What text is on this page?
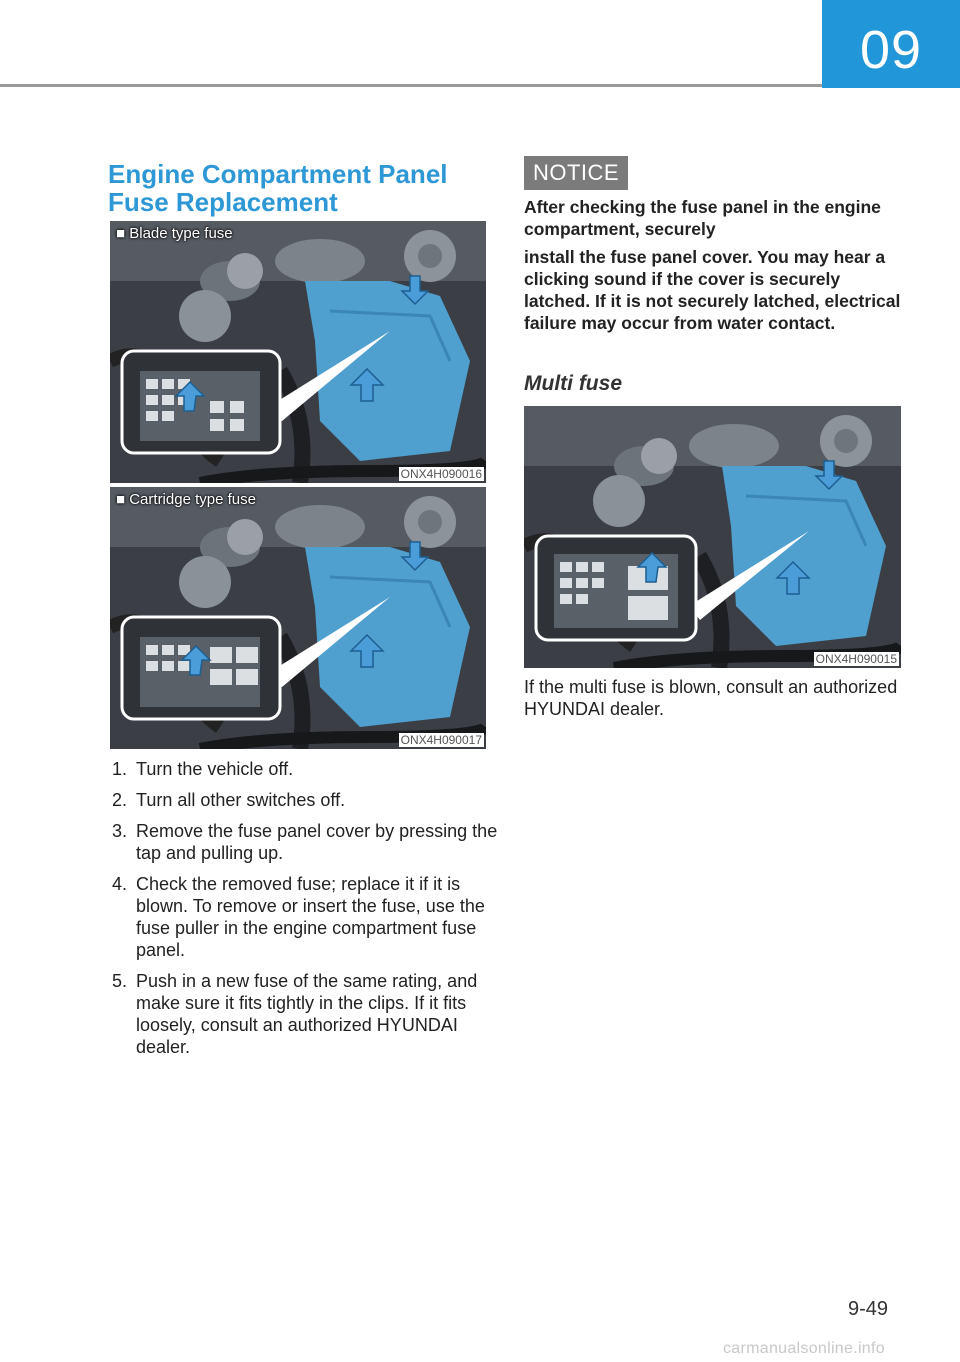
09
Engine Compartment Panel Fuse Replacement
■ Blade type fuse
ONX4H090016
■ Cartridge type fuse
ONX4H090017
1. Turn the vehicle off.
2. Turn all other switches off.
3. Remove the fuse panel cover by pressing the tap and pulling up.
4. Check the removed fuse; replace it if it is blown. To remove or insert the fuse, use the fuse puller in the engine compartment fuse panel.
5. Push in a new fuse of the same rating, and make sure it fits tightly in the clips. If it fits loosely, consult an authorized HYUNDAI dealer.
NOTICE

After checking the fuse panel in the engine compartment, securely

install the fuse panel cover. You may hear a clicking sound if the cover is securely latched. If it is not securely latched, electrical failure may occur from water contact.

Multi fuse
ONX4H090015
If the multi fuse is blown, consult an authorized HYUNDAI dealer.
9-49
carmanualsonline.info
